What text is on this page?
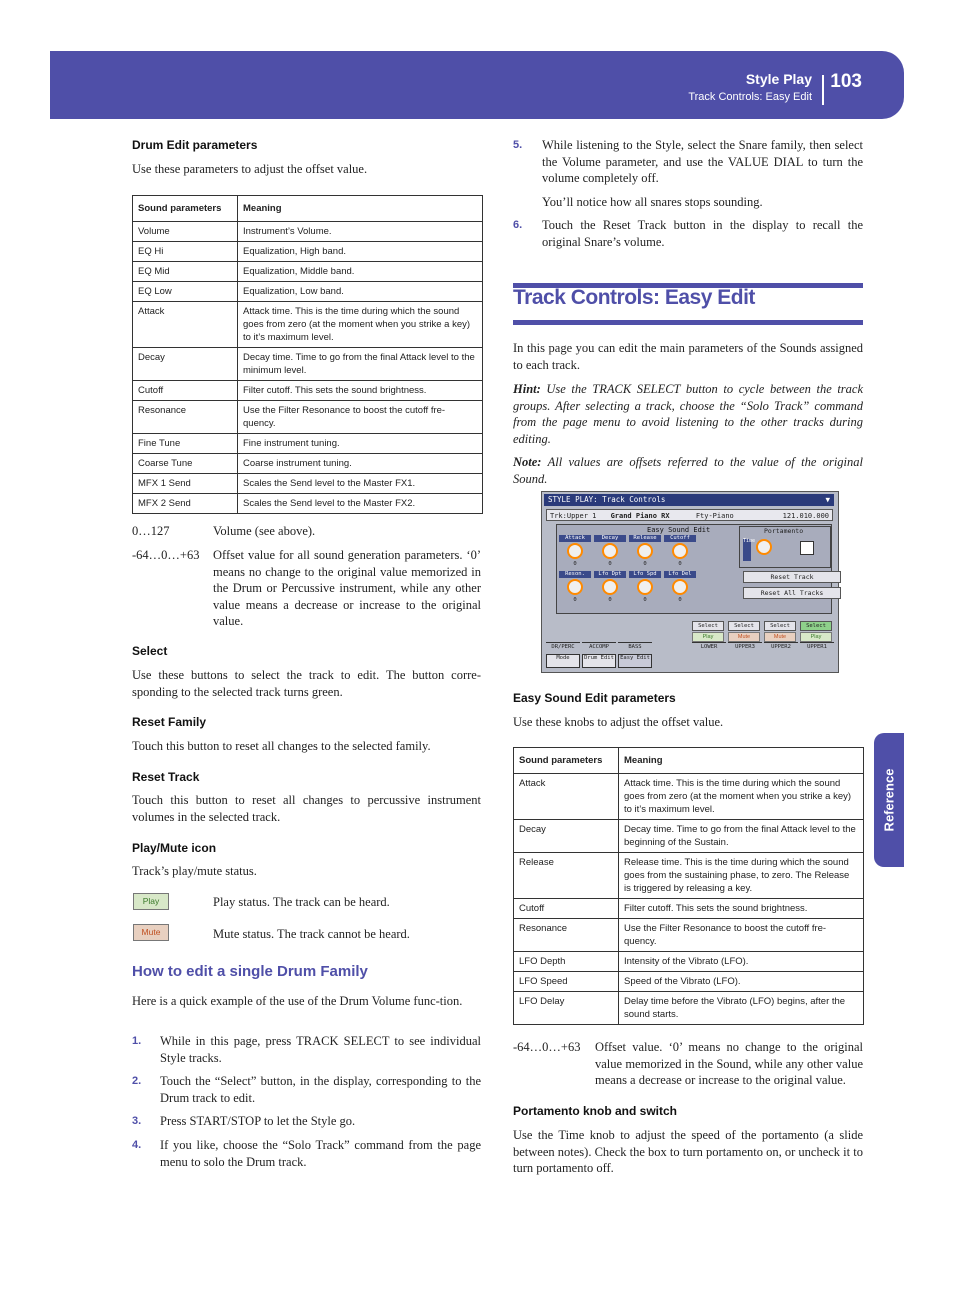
Style Play
Track Controls: Easy Edit
103
Reference
Drum Edit parameters
Use these parameters to adjust the offset value.
Sound parameters	Meaning
Volume	Instrument’s Volume.
EQ Hi	Equalization, High band.
EQ Mid	Equalization, Middle band.
EQ Low	Equalization, Low band.
Attack	Attack time. This is the time during which the sound goes from zero (at the moment when you strike a key) to it’s maximum level.
Decay	Decay time. Time to go from the final Attack level to the minimum level.
Cutoff	Filter cutoff. This sets the sound brightness.
Resonance	Use the Filter Resonance to boost the cutoff fre-quency.
Fine Tune	Fine instrument tuning.
Coarse Tune	Coarse instrument tuning.
MFX 1 Send	Scales the Send level to the Master FX1.
MFX 2 Send	Scales the Send level to the Master FX2.
0…127	Volume (see above).
-64…0…+63 Offset value for all sound generation parameters. ‘0’ means no change to the original value memorized in the Drum or Percussive instrument, while any other value means a decrease or increase to the original value.
Select
Use these buttons to select the track to edit. The button corre-sponding to the selected track turns green.
Reset Family
Touch this button to reset all changes to the selected family.
Reset Track
Touch this button to reset all changes to percussive instrument volumes in the selected track.
Play/Mute icon
Track’s play/mute status.
Play	Play status. The track can be heard.
Mute	Mute status. The track cannot be heard.
How to edit a single Drum Family
Here is a quick example of the use of the Drum Volume func-tion.
1. While in this page, press TRACK SELECT to see individual Style tracks.
2. Touch the “Select” button, in the display, corresponding to the Drum track to edit.
3. Press START/STOP to let the Style go.
4. If you like, choose the “Solo Track” command from the page menu to solo the Drum track.
5. While listening to the Style, select the Snare family, then select the Volume parameter, and use the VALUE DIAL to turn the volume completely off.
You’ll notice how all snares stops sounding.
6. Touch the Reset Track button in the display to recall the original Snare’s volume.
Track Controls: Easy Edit
In this page you can edit the main parameters of the Sounds assigned to each track.
Hint: Use the TRACK SELECT button to cycle between the track groups. After selecting a track, choose the “Solo Track” command from the page menu to avoid listening to the other tracks during editing.
Note: All values are offsets referred to the value of the original Sound.
STYLE PLAY: Track Controls	▼
Trk:Upper 1 Grand Piano RX	Fty-Piano	121.010.000
Easy Sound Edit
Attack
0
Decay
0
Release
0
Cutoff
0
Reson.
0
Lfo Dpt
0
Lfo Spd
0
Lfo Del
0
Portamento
Time
Reset Track
Reset All Tracks
Select
Play
Select
Mute
Select
Mute
Select
Play
DR/PERC	ACCOMP	BASS	LOWER	UPPER3	UPPER2	UPPER1
Mode	Drum Edit	Easy Edit
Easy Sound Edit parameters
Use these knobs to adjust the offset value.
Sound parameters	Meaning
Attack	Attack time. This is the time during which the sound goes from zero (at the moment when you strike a key) to it’s maximum level.
Decay	Decay time. Time to go from the final Attack level to the beginning of the Sustain.
Release	Release time. This is the time during which the sound goes from the sustaining phase, to zero. The Release is triggered by releasing a key.
Cutoff	Filter cutoff. This sets the sound brightness.
Resonance	Use the Filter Resonance to boost the cutoff fre-quency.
LFO Depth	Intensity of the Vibrato (LFO).
LFO Speed	Speed of the Vibrato (LFO).
LFO Delay	Delay time before the Vibrato (LFO) begins, after the sound starts.
-64…0…+63 Offset value. ‘0’ means no change to the original value memorized in the Sound, while any other value means a decrease or increase to the original value.
Portamento knob and switch
Use the Time knob to adjust the speed of the portamento (a slide between notes). Check the box to turn portamento on, or uncheck it to turn portamento off.
